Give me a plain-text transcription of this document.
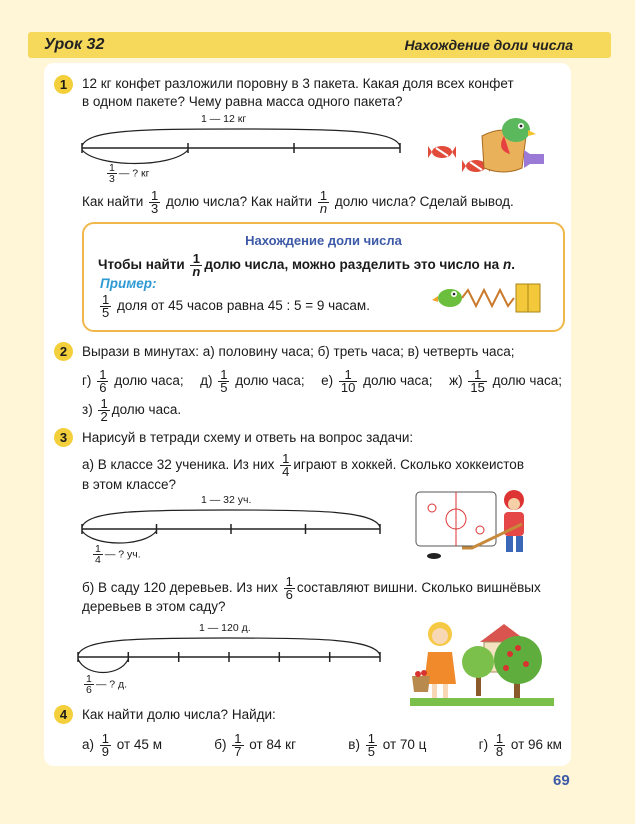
Урок 32	Нахождение доли числа
1	12 кг конфет разложили поровну в 3 пакета. Какая доля всех конфет
в одном пакете? Чему равна масса одного пакета?
1 — 12 кг
$\frac{1}{3}$ — ? кг
Как найти $\frac{1}{3}$ долю числа? Как найти $\frac{1}{n}$ долю числа? Сделай вывод.
Нахождение доли числа
Чтобы найти $\frac{1}{n}$ долю числа, можно разделить это число на n.
Пример:
$\frac{1}{5}$ доля от 45 часов равна 45 : 5 = 9 часам.
2	Вырази в минутах: а) половину часа; б) треть часа; в) четверть часа;
$г) \frac{1}{6}$ долю часа; $д) \frac{1}{5}$ долю часа; $е) \frac{1}{10}$ долю часа; $ж) \frac{1}{15}$ долю часа;
$з) \frac{1}{2}$ долю часа.
3	Нарисуй в тетради схему и ответь на вопрос задачи:
а) В классе 32 ученика. Из них $\frac{1}{4}$ играют в хоккей. Сколько хоккеистов
в этом классе?
1 — 32 уч.
$\frac{1}{4}$ — ? уч.
б) В саду 120 деревьев. Из них $\frac{1}{6}$ составляют вишни. Сколько вишнёвых
деревьев в этом саду?
1 — 120 д.
$\frac{1}{6}$ — ? д.
4	Как найти долю числа? Найди:
$а) \frac{1}{9}$ от 45 м	$б) \frac{1}{7}$ от 84 кг	$в) \frac{1}{5}$ от 70 ц	$г) \frac{1}{8}$ от 96 км
69
